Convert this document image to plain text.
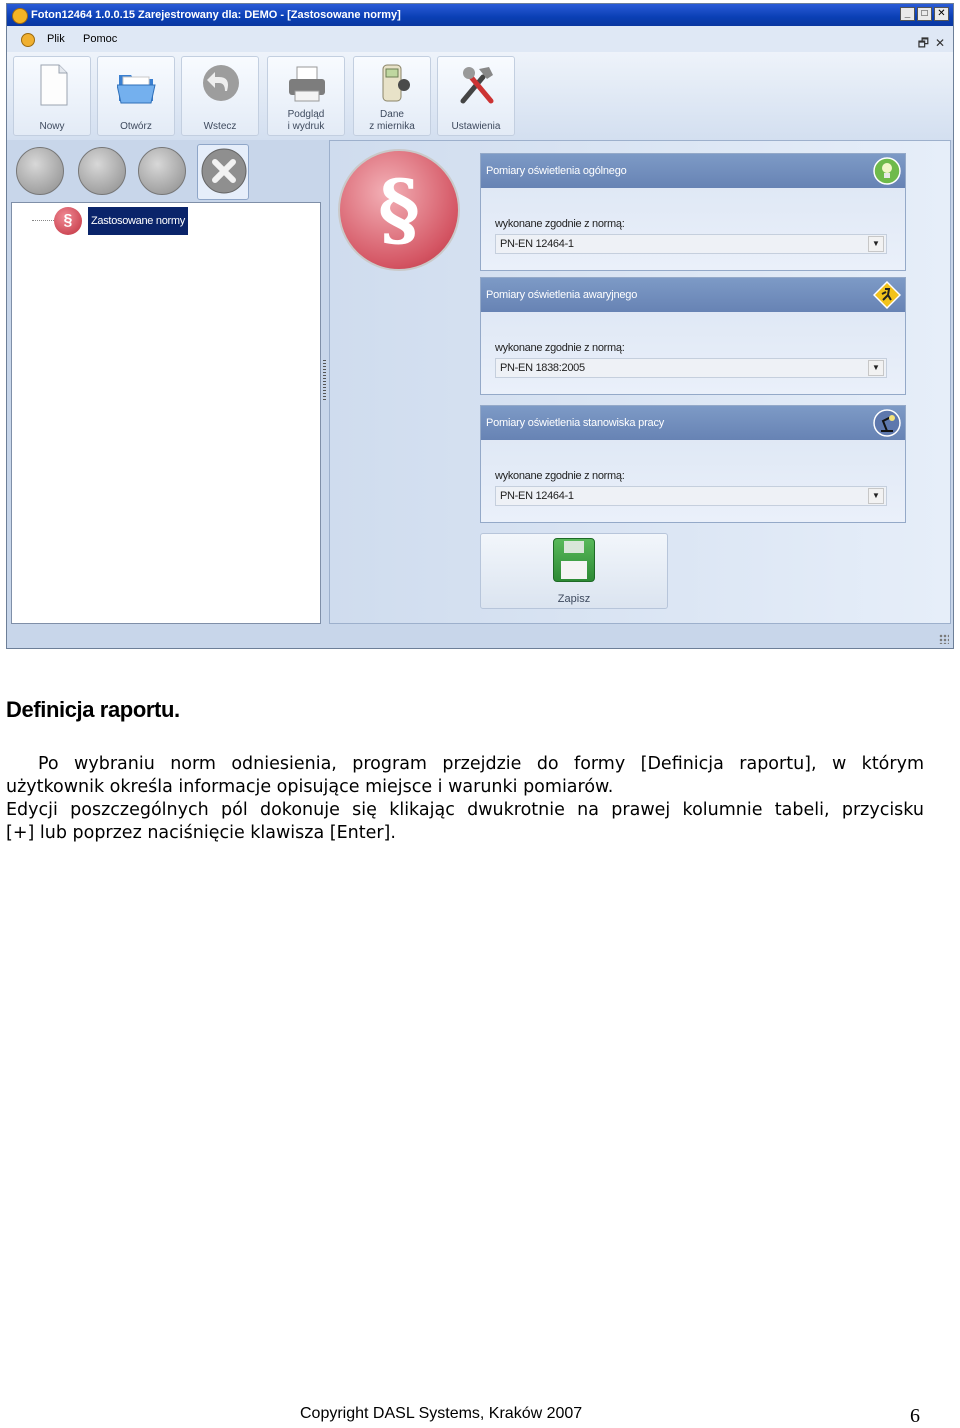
Foton12464 1.0.0.15 Zarejestrowany dla: DEMO - [Zastosowane normy]	_	□ ✕
Plik Pomoc	🗗 ✕
Nowy	Otwórz	Wstecz
Podgląd
i wydruk
Dane
z miernika	Ustawienia
§	Zastosowane normy	§	Pomiary oświetlenia ogólnego
wykonane zgodnie z normą:
PN-EN 12464-1	▼
Pomiary oświetlenia awaryjnego
wykonane zgodnie z normą:
PN-EN 1838:2005	▼
Pomiary oświetlenia stanowiska pracy
wykonane zgodnie z normą:
PN-EN 12464-1	▼
Zapisz
Definicja raportu.

Po wybraniu norm odniesienia, program przejdzie do formy [Definicja raportu], w którym
użytkownik określa informacje opisujące miejsce i warunki pomiarów.

Edycji poszczególnych pól dokonuje się klikając dwukrotnie na prawej kolumnie tabeli, przycisku
[+] lub poprzez naciśnięcie klawisza [Enter].

Copyright DASL Systems, Kraków 2007	6
